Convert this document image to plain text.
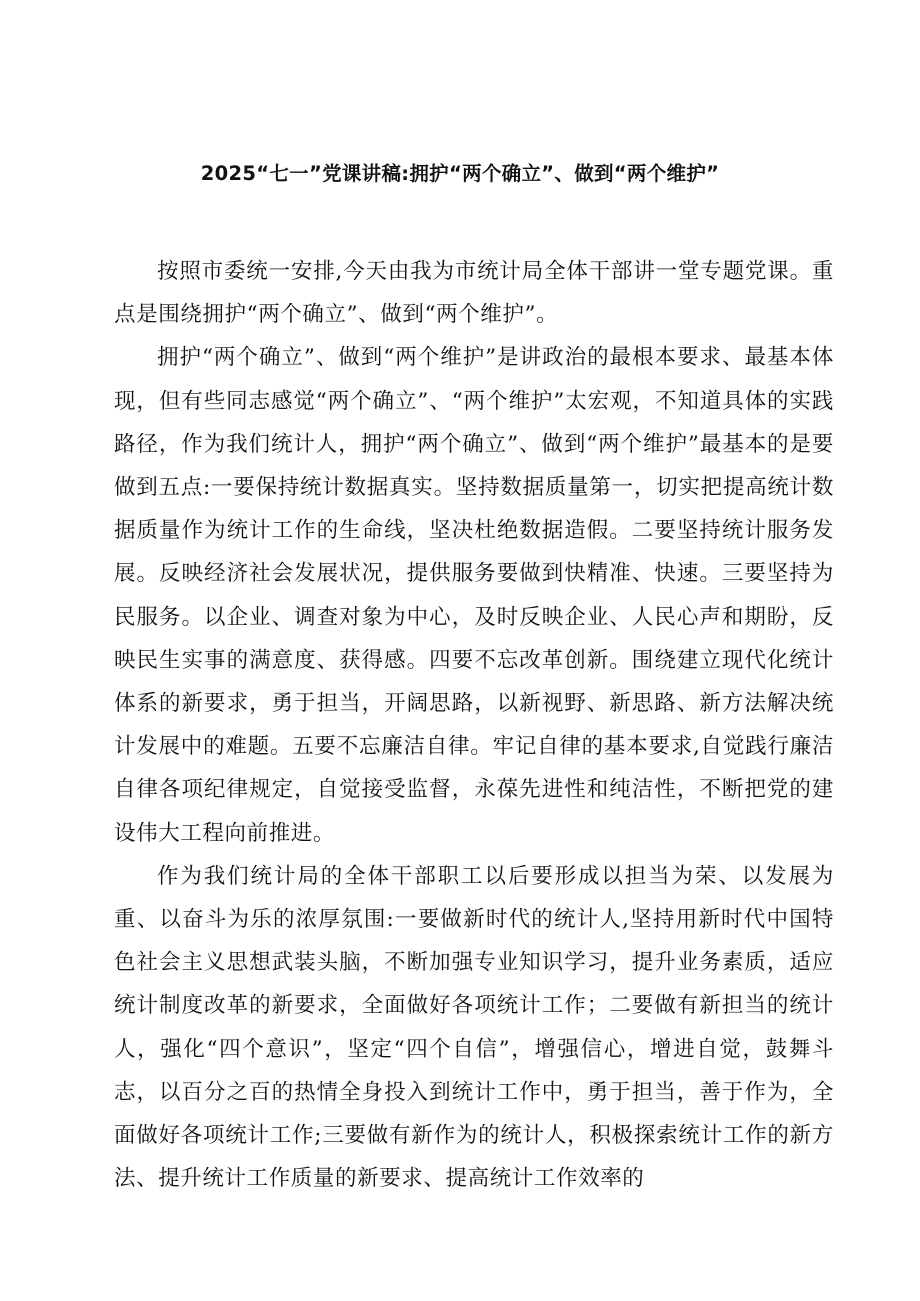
2025“七一”党课讲稿:拥护“两个确立”、做到“两个维护”

按照市委统一安排,今天由我为市统计局全体干部讲一堂专题党课。重点是围绕拥护“两个确立”、做到“两个维护”。

拥护“两个确立”、做到“两个维护”是讲政治的最根本要求、最基本体现，但有些同志感觉“两个确立”、“两个维护”太宏观，不知道具体的实践路径，作为我们统计人，拥护“两个确立”、做到“两个维护”最基本的是要做到五点:一要保持统计数据真实。坚持数据质量第一，切实把提高统计数据质量作为统计工作的生命线，坚决杜绝数据造假。二要坚持统计服务发展。反映经济社会发展状况，提供服务要做到快精准、快速。三要坚持为民服务。以企业、调查对象为中心，及时反映企业、人民心声和期盼，反映民生实事的满意度、获得感。四要不忘改革创新。围绕建立现代化统计体系的新要求，勇于担当，开阔思路，以新视野、新思路、新方法解决统计发展中的难题。五要不忘廉洁自律。牢记自律的基本要求,自觉践行廉洁自律各项纪律规定，自觉接受监督，永葆先进性和纯洁性，不断把党的建设伟大工程向前推进。

作为我们统计局的全体干部职工以后要形成以担当为荣、以发展为重、以奋斗为乐的浓厚氛围:一要做新时代的统计人,坚持用新时代中国特色社会主义思想武装头脑，不断加强专业知识学习，提升业务素质，适应统计制度改革的新要求，全面做好各项统计工作；二要做有新担当的统计人，强化“四个意识”，坚定“四个自信”，增强信心，增进自觉，鼓舞斗志，以百分之百的热情全身投入到统计工作中，勇于担当，善于作为，全面做好各项统计工作;三要做有新作为的统计人，积极探索统计工作的新方法、提升统计工作质量的新要求、提高统计工作效率的
